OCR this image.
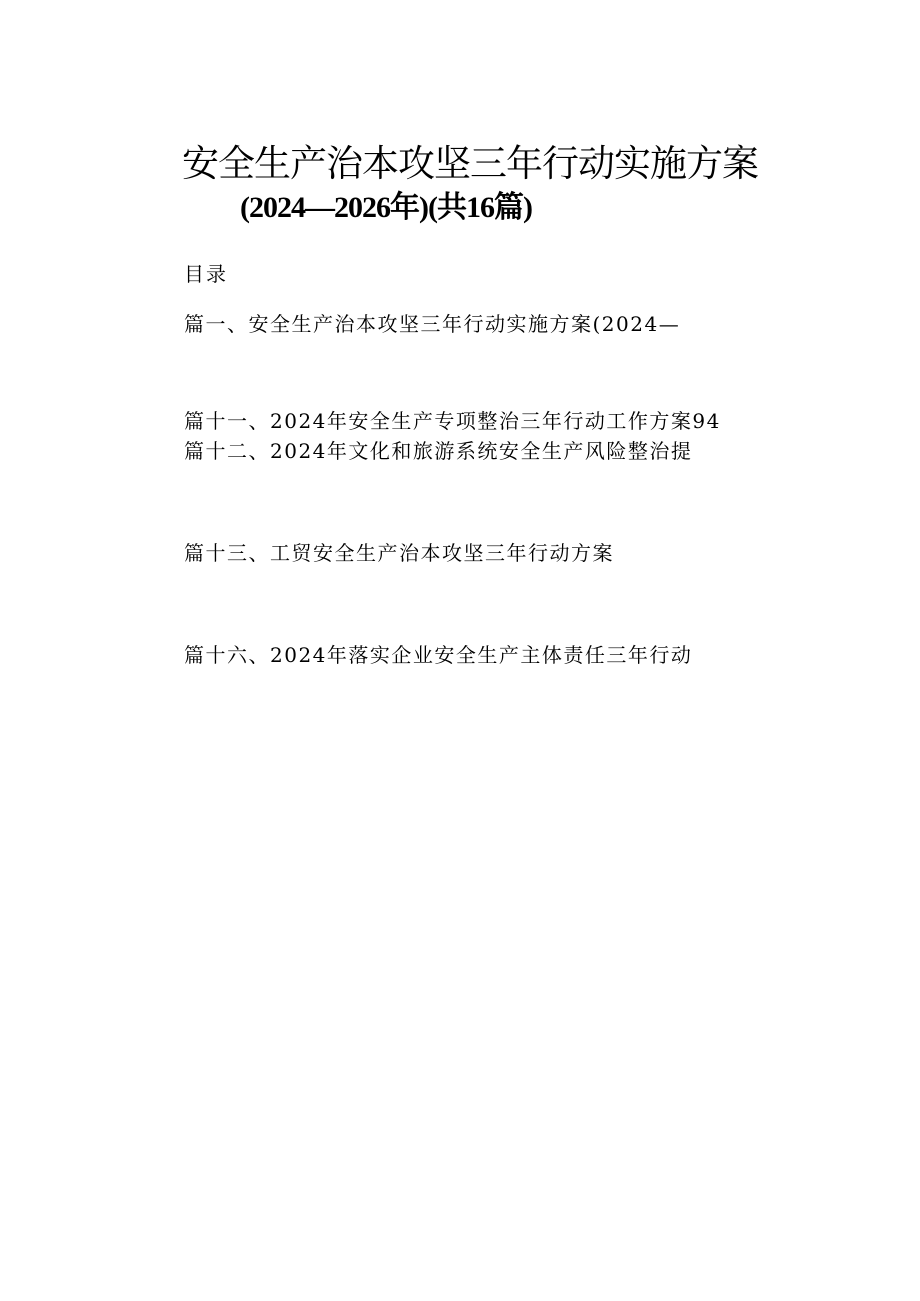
安全生产治本攻坚三年行动实施方案
(2024—2026年)(共16篇)
目录
篇一、安全生产治本攻坚三年行动实施方案(2024—
篇十一、2024年安全生产专项整治三年行动工作方案94
篇十二、2024年文化和旅游系统安全生产风险整治提
篇十三、工贸安全生产治本攻坚三年行动方案
篇十六、2024年落实企业安全生产主体责任三年行动
